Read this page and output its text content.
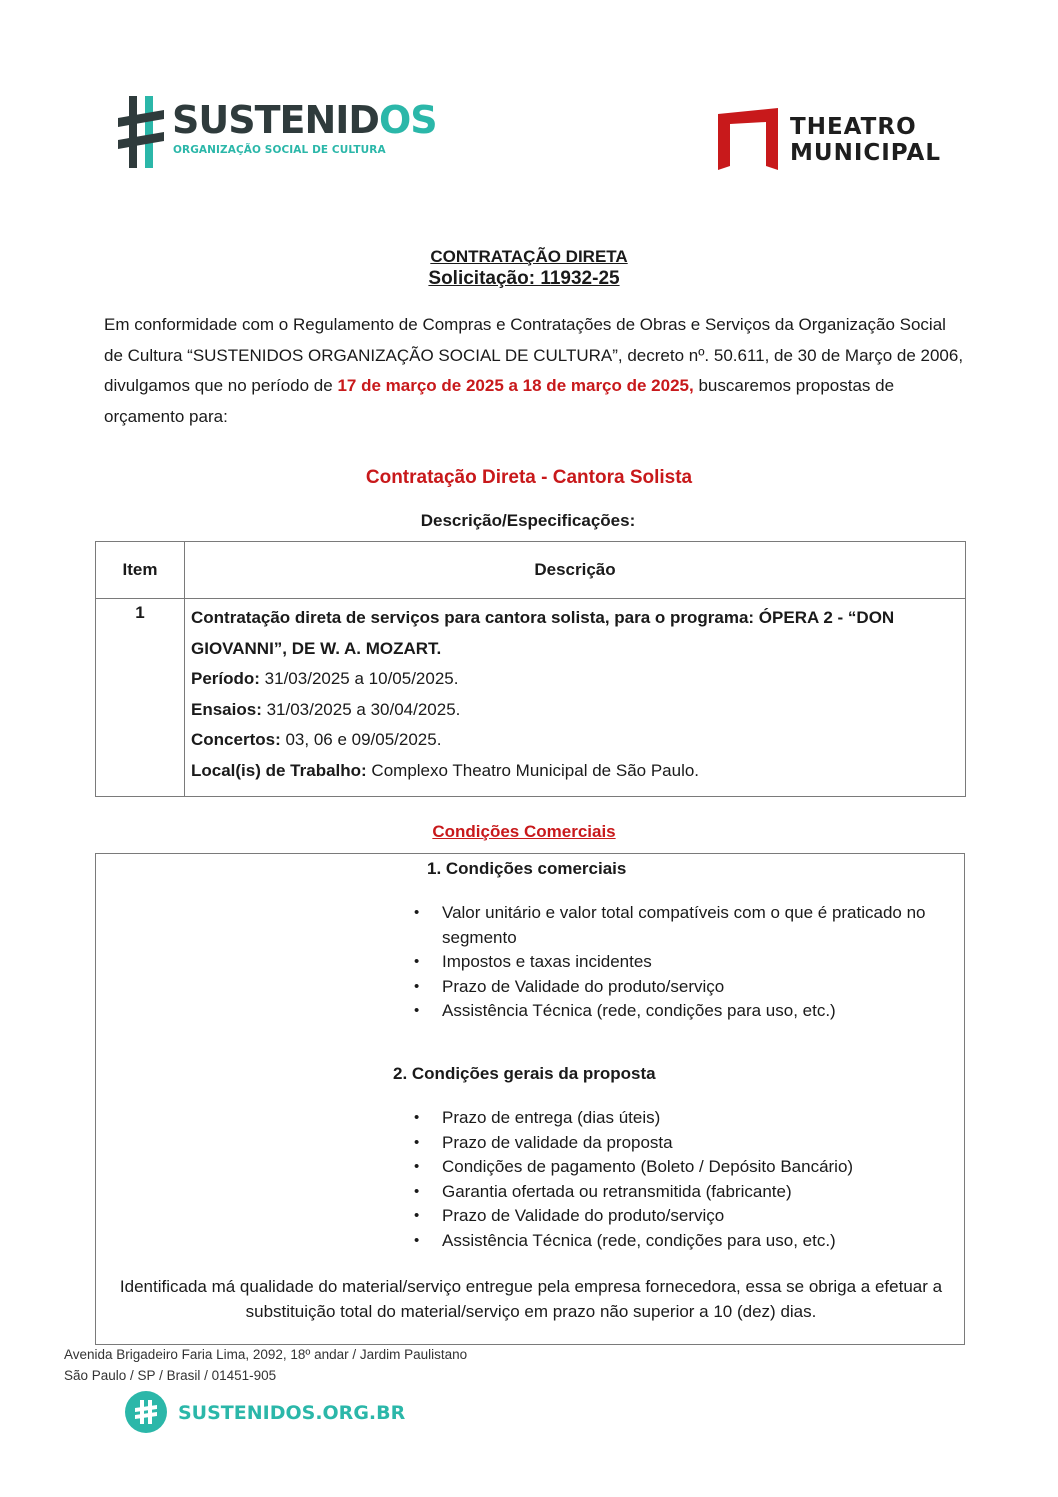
SUSTENIDOS
ORGANIZAÇÃO SOCIAL DE CULTURA
THEATRO
MUNICIPAL
CONTRATAÇÃO DIRETA
Solicitação: 11932-25
Em conformidade com o Regulamento de Compras e Contratações de Obras e Serviços da Organização Social de Cultura “SUSTENIDOS ORGANIZAÇÃO SOCIAL DE CULTURA”, decreto nº. 50.611, de 30 de Março de 2006, divulgamos que no período de 17 de março de 2025 a 18 de março de 2025, buscaremos propostas de orçamento para:
Contratação Direta - Cantora Solista
Descrição/Especificações:
Item	Descrição
1	Contratação direta de serviços para cantora solista, para o programa: ÓPERA 2 - “DON GIOVANNI”, DE W. A. MOZART.
Período: 31/03/2025 a 10/05/2025.
Ensaios: 31/03/2025 a 30/04/2025.
Concertos: 03, 06 e 09/05/2025.
Local(is) de Trabalho: Complexo Theatro Municipal de São Paulo.
Condições Comerciais
1. Condições comerciais
• Valor unitário e valor total compatíveis com o que é praticado no segmento
• Impostos e taxas incidentes
• Prazo de Validade do produto/serviço
• Assistência Técnica (rede, condições para uso, etc.)
2. Condições gerais da proposta
• Prazo de entrega (dias úteis)
• Prazo de validade da proposta
• Condições de pagamento (Boleto / Depósito Bancário)
• Garantia ofertada ou retransmitida (fabricante)
• Prazo de Validade do produto/serviço
• Assistência Técnica (rede, condições para uso, etc.)
Identificada má qualidade do material/serviço entregue pela empresa fornecedora, essa se obriga a efetuar a substituição total do material/serviço em prazo não superior a 10 (dez) dias.
Avenida Brigadeiro Faria Lima, 2092, 18º andar / Jardim Paulistano
São Paulo / SP / Brasil / 01451-905
SUSTENIDOS.ORG.BR
